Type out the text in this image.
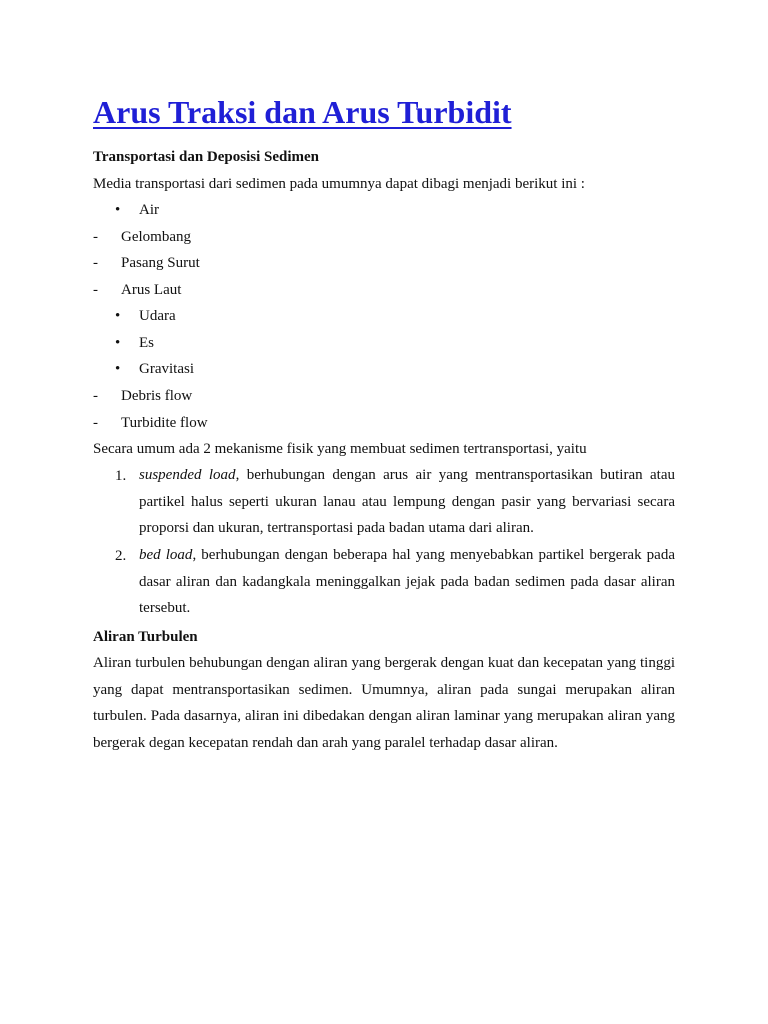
Arus Traksi dan Arus Turbidit
Transportasi dan Deposisi Sedimen
Media transportasi dari sedimen pada umumnya dapat dibagi menjadi berikut ini :
• Air
- Gelombang
- Pasang Surut
- Arus Laut
• Udara
• Es
• Gravitasi
- Debris flow
- Turbidite flow
Secara umum ada 2 mekanisme fisik yang membuat sedimen tertransportasi, yaitu
1. suspended load, berhubungan dengan arus air yang mentransportasikan butiran atau partikel halus seperti ukuran lanau atau lempung dengan pasir yang bervariasi secara proporsi dan ukuran, tertransportasi pada badan utama dari aliran.

2. bed load, berhubungan dengan beberapa hal yang menyebabkan partikel bergerak pada dasar aliran dan kadangkala meninggalkan jejak pada badan sedimen pada dasar aliran tersebut.

Aliran Turbulen

Aliran turbulen behubungan dengan aliran yang bergerak dengan kuat dan kecepatan yang tinggi yang dapat mentransportasikan sedimen. Umumnya, aliran pada sungai merupakan aliran turbulen. Pada dasarnya, aliran ini dibedakan dengan aliran laminar yang merupakan aliran yang bergerak degan kecepatan rendah dan arah yang paralel terhadap dasar aliran.
